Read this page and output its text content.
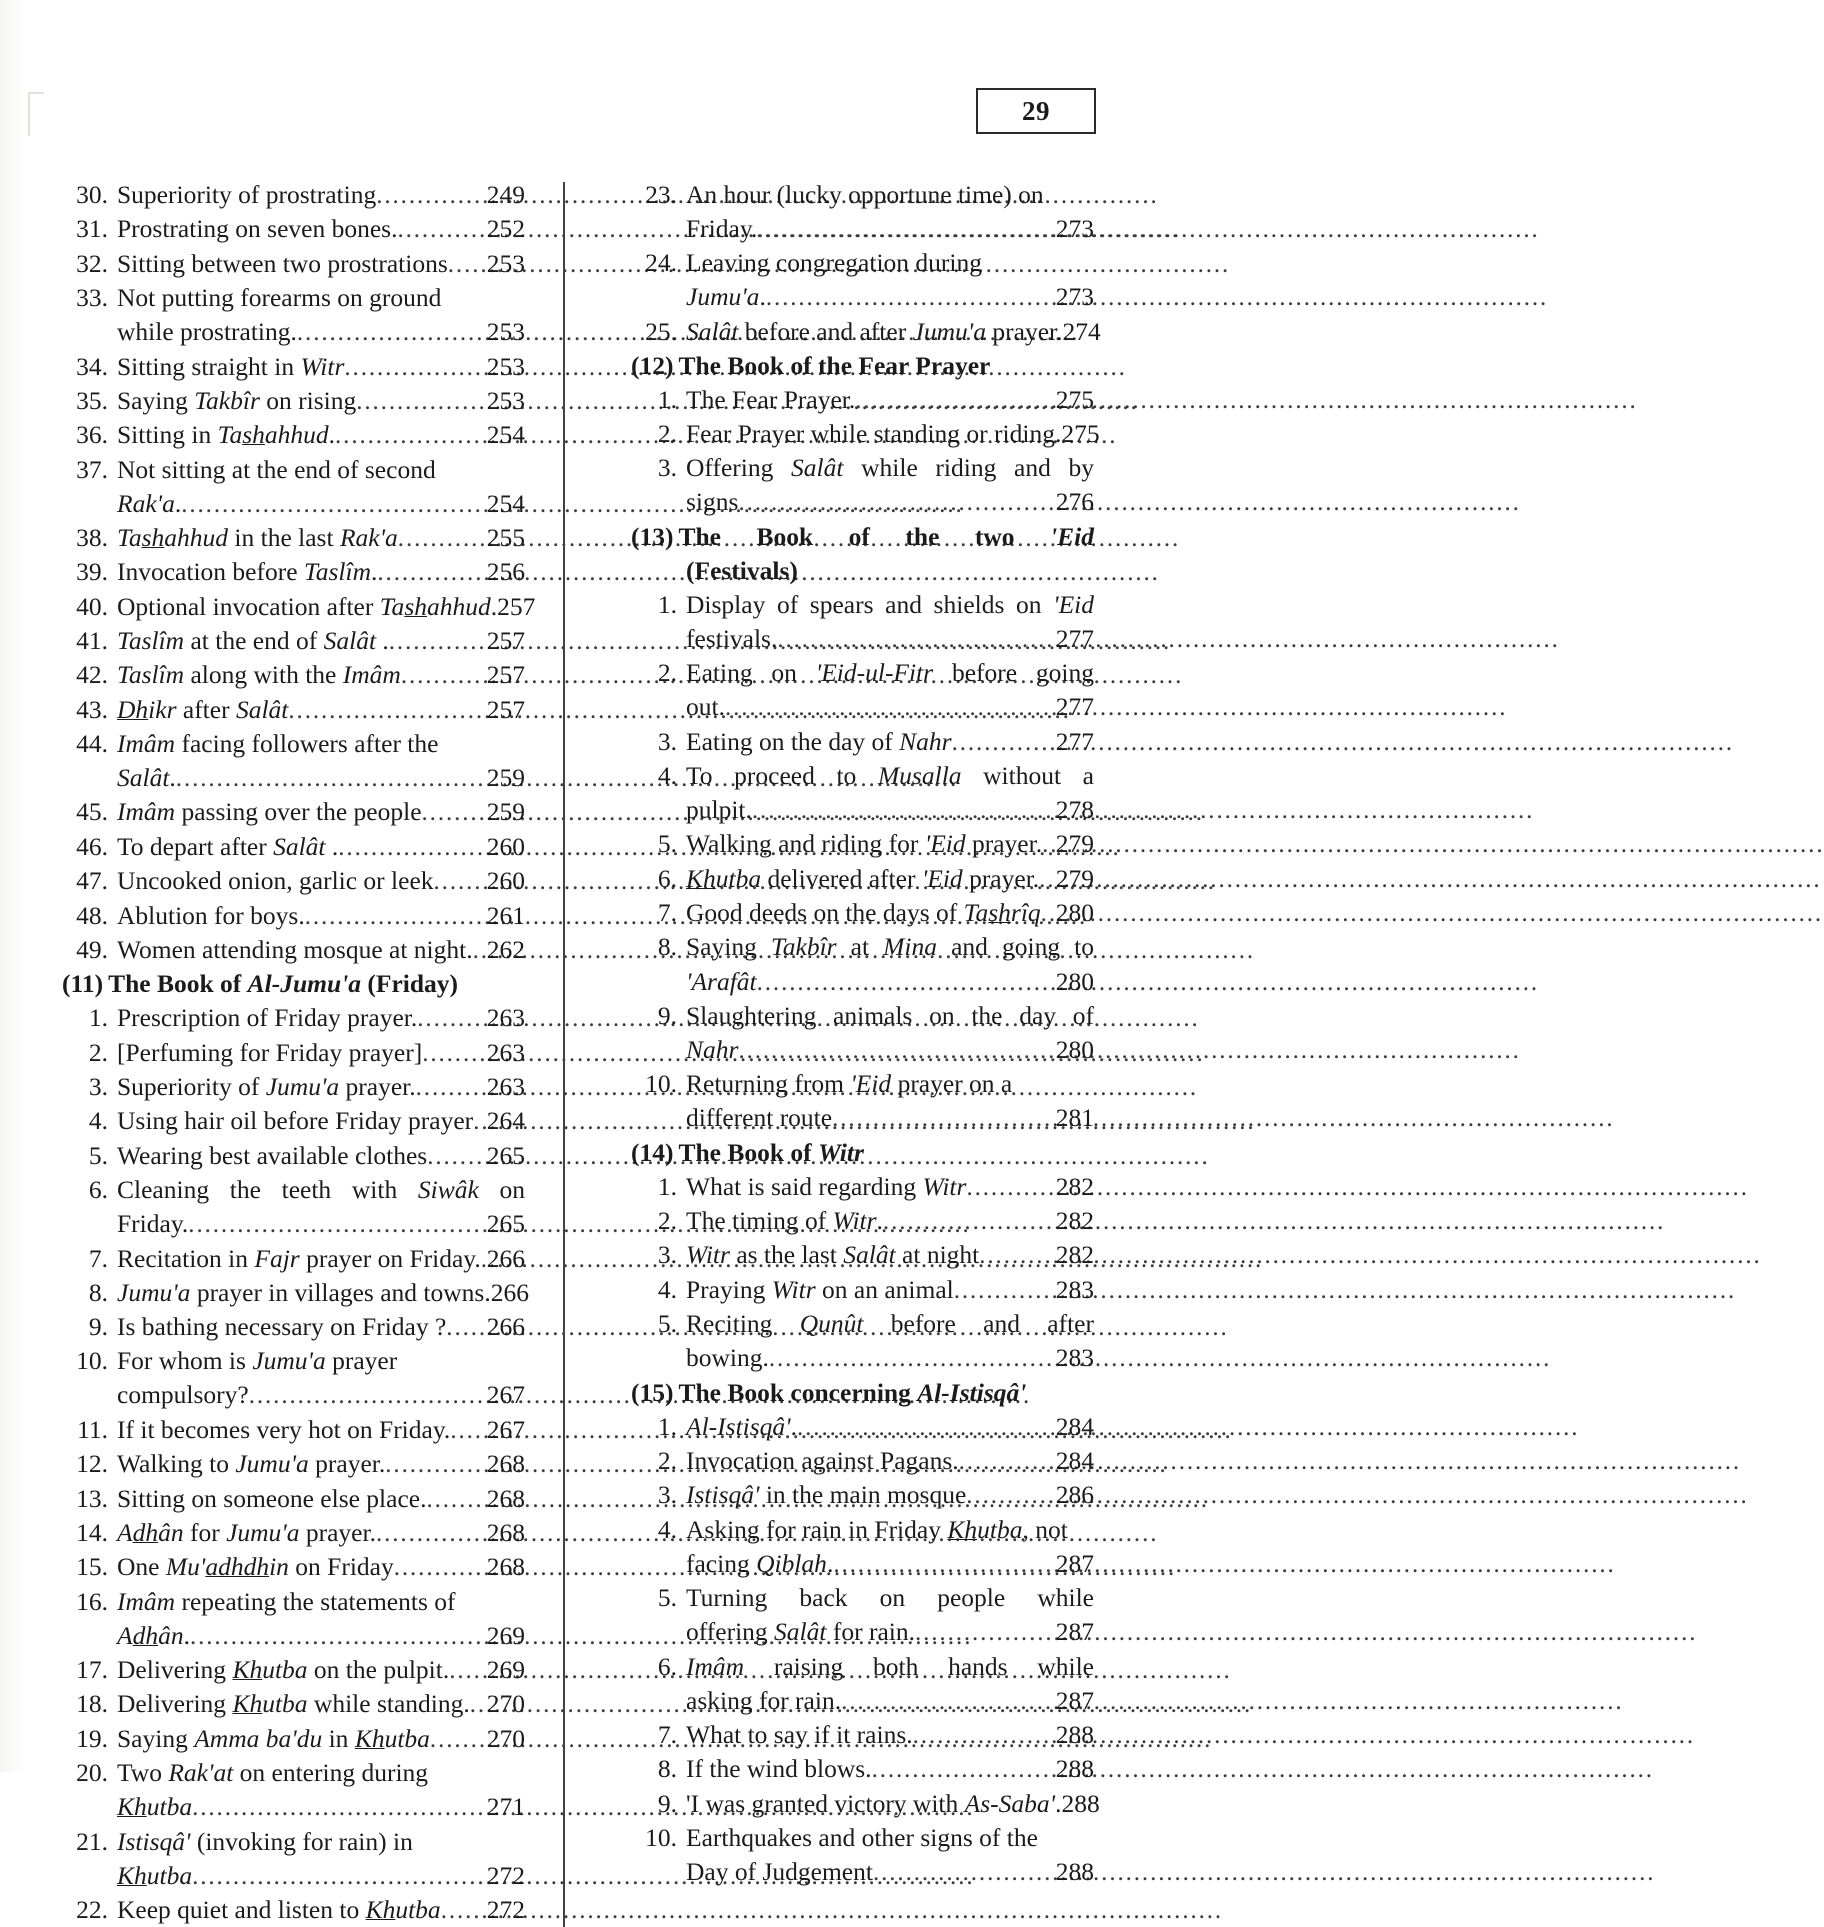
29
30. Superiority of prostrating .....	249
31. Prostrating on seven bones. .....	252
32. Sitting between two prostrations ..... 253
33. Not putting forearms on ground
while prostrating. .....	253
34. Sitting straight in Witr .....	253
35. Saying Takbîr on rising .....	253
36. Sitting in Tashahhud. .....	254
37. Not sitting at the end of second
Rak'a. .....	254
38. Tashahhud in the last Rak'a .....	255
39. Invocation before Taslîm. .....	256
40. Optional invocation after Tashahhud. 257
41. Taslîm at the end of Salât . .....	257
42. Taslîm along with the Imâm .....	257
43. Dhikr after Salât .....	257
44. Imâm facing followers after the
Salât. .....	259
45. Imâm passing over the people .....	259
46. To depart after Salât . .....	260
47. Uncooked onion, garlic or leek ..... 260
48. Ablution for boys. .....	261
49. Women attending mosque at night. ..... 262
(11) The Book of Al-Jumu'a (Friday)
1. Prescription of Friday prayer. .....	263
2. [Perfuming for Friday prayer] .....	263
3. Superiority of Jumu'a prayer. .....	263
4. Using hair oil before Friday prayer ..... 264
5. Wearing best available clothes ..... 265
6. Cleaning the teeth with Siwâk on
Friday. .....	265
7. Recitation in Fajr prayer on Friday. ..... 266
8. Jumu'a prayer in villages and towns. 266
9. Is bathing necessary on Friday ? ..... 266
10. For whom is Jumu'a prayer
compulsory? .....	267
11. If it becomes very hot on Friday. ..... 267
12. Walking to Jumu'a prayer. .....	268
13. Sitting on someone else place. ..... 268
14. Adhân for Jumu'a prayer. .....	268
15. One Mu'adhdhin on Friday .....	268
16. Imâm repeating the statements of
Adhân. .....	269
17. Delivering Khutba on the pulpit. ..... 269
18. Delivering Khutba while standing. ..... 270
19. Saying Amma ba'du in Khutba ..... 270
20. Two Rak'at on entering during
Khutba .....	271
21. Istisqâ' (invoking for rain) in
Khutba .....	272
22. Keep quiet and listen to Khutba ..... 272
23. An hour (lucky opportune time) on
Friday. .....	273
24. Leaving congregation during
Jumu'a. .....	273
25. Salât before and after Jumu'a prayer. 274
(12) The Book of the Fear Prayer
1. The Fear Prayer. .....	275
2. Fear Prayer while standing or riding. 275
3. Offering Salât while riding and by
signs .....	276
(13) The Book of the two 'Eid
(Festivals)
1. Display of spears and shields on 'Eid
festivals. .....	277
2. Eating on 'Eid-ul-Fitr before going
out. .....	277
3. Eating on the day of Nahr .....	277
4. To proceed to Musalla without a
pulpit. .....	278
5. Walking and riding for 'Eid prayer. ..... 279
6. Khutba delivered after 'Eid prayer. ..... 279
7. Good deeds on the days of Tashrîq ..... 280
8. Saying Takbîr at Mina and going to
'Arafât .....	280
9. Slaughtering animals on the day of
Nahr .....	280
10. Returning from 'Eid prayer on a
different route .....	281
(14) The Book of Witr
1. What is said regarding Witr .....	282
2. The timing of Witr. .....	282
3. Witr as the last Salât at night .....	282
4. Praying Witr on an animal .....	283
5. Reciting Qunût before and after
bowing. .....	283
(15) The Book concerning Al-Istisqâ'
1. Al-Istisqâ'. .....	284
2. Invocation against Pagans. .....	284
3. Istisqâ' in the main mosque .....	286
4. Asking for rain in Friday Khutba, not
facing Qiblah. .....	287
5. Turning back on people while
offering Salât for rain. .....	287
6. Imâm raising both hands while
asking for rain. .....	287
7. What to say if it rains. .....	288
8. If the wind blows. .....	288
9. 'I was granted victory with As-Saba'. 288
10. Earthquakes and other signs of the
Day of Judgement .....	288
